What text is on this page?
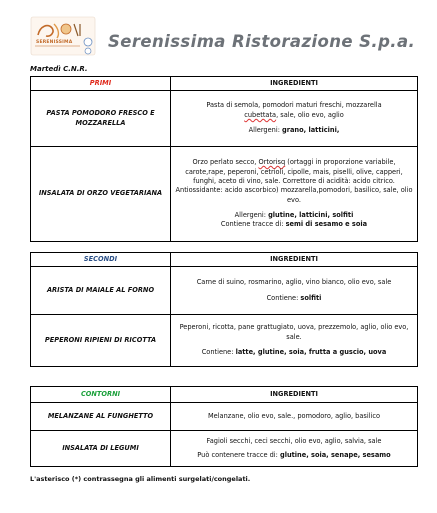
SERENISSIMA Serenissima Ristorazione S.p.a.
Martedì C.N.R.
PRIMI	INGREDIENTI
PASTA POMODORO FRESCO E MOZZARELLA	Pasta di semola, pomodori maturi freschi, mozzarella
cubettata, sale, olio evo, aglio
Allergeni: grano, latticini,

INSALATA DI ORZO VEGETARIANA	Orzo perlato secco, Ortorisq (ortaggi in proporzione variabile, carote,rape, peperoni, cetrioli, cipolle, mais, piselli, olive, capperi, funghi, aceto di vino, sale. Correttore di acidità: acido citrico. Antiossidante: acido ascorbico) mozzarella,pomodori, basilico, sale, olio evo.
Allergeni: glutine, latticini, solfiti
Contiene tracce di: semi di sesamo e soia
SECONDI	INGREDIENTI
ARISTA DI MAIALE AL FORNO	Carne di suino, rosmarino, aglio, vino bianco, olio evo, sale
Contiene: solfiti

PEPERONI RIPIENI DI RICOTTA	Peperoni, ricotta, pane grattugiato, uova, prezzemolo, aglio, olio evo, sale.
Contiene: latte, glutine, soia, frutta a guscio, uova
CONTORNI	INGREDIENTI
MELANZANE AL FUNGHETTO	Melanzane, olio evo, sale., pomodoro, aglio, basilico
INSALATA DI LEGUMI	Fagioli secchi, ceci secchi, olio evo, aglio, salvia, sale
Può contenere tracce di: glutine, soia, senape, sesamo
L'asterisco (*) contrassegna gli alimenti surgelati/congelati.
